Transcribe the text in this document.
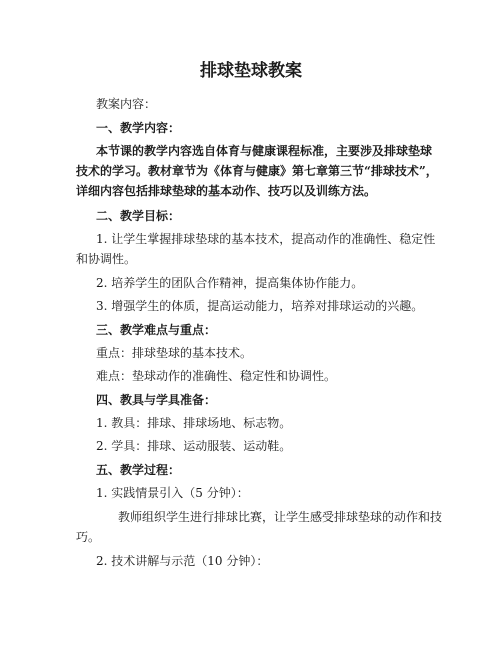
排球垫球教案
教案内容：
一、教学内容：
本节课的教学内容选自体育与健康课程标准，主要涉及排球垫球
技术的学习。教材章节为《体育与健康》第七章第三节“排球技术”，
详细内容包括排球垫球的基本动作、技巧以及训练方法。
二、教学目标：
1. 让学生掌握排球垫球的基本技术，提高动作的准确性、稳定性
和协调性。
2. 培养学生的团队合作精神，提高集体协作能力。
3. 增强学生的体质，提高运动能力，培养对排球运动的兴趣。
三、教学难点与重点：
重点：排球垫球的基本技术。
难点：垫球动作的准确性、稳定性和协调性。
四、教具与学具准备：
1. 教具：排球、排球场地、标志物。
2. 学具：排球、运动服装、运动鞋。
五、教学过程：
1. 实践情景引入（5 分钟）：
教师组织学生进行排球比赛，让学生感受排球垫球的动作和技
巧。
2. 技术讲解与示范（10 分钟）：
